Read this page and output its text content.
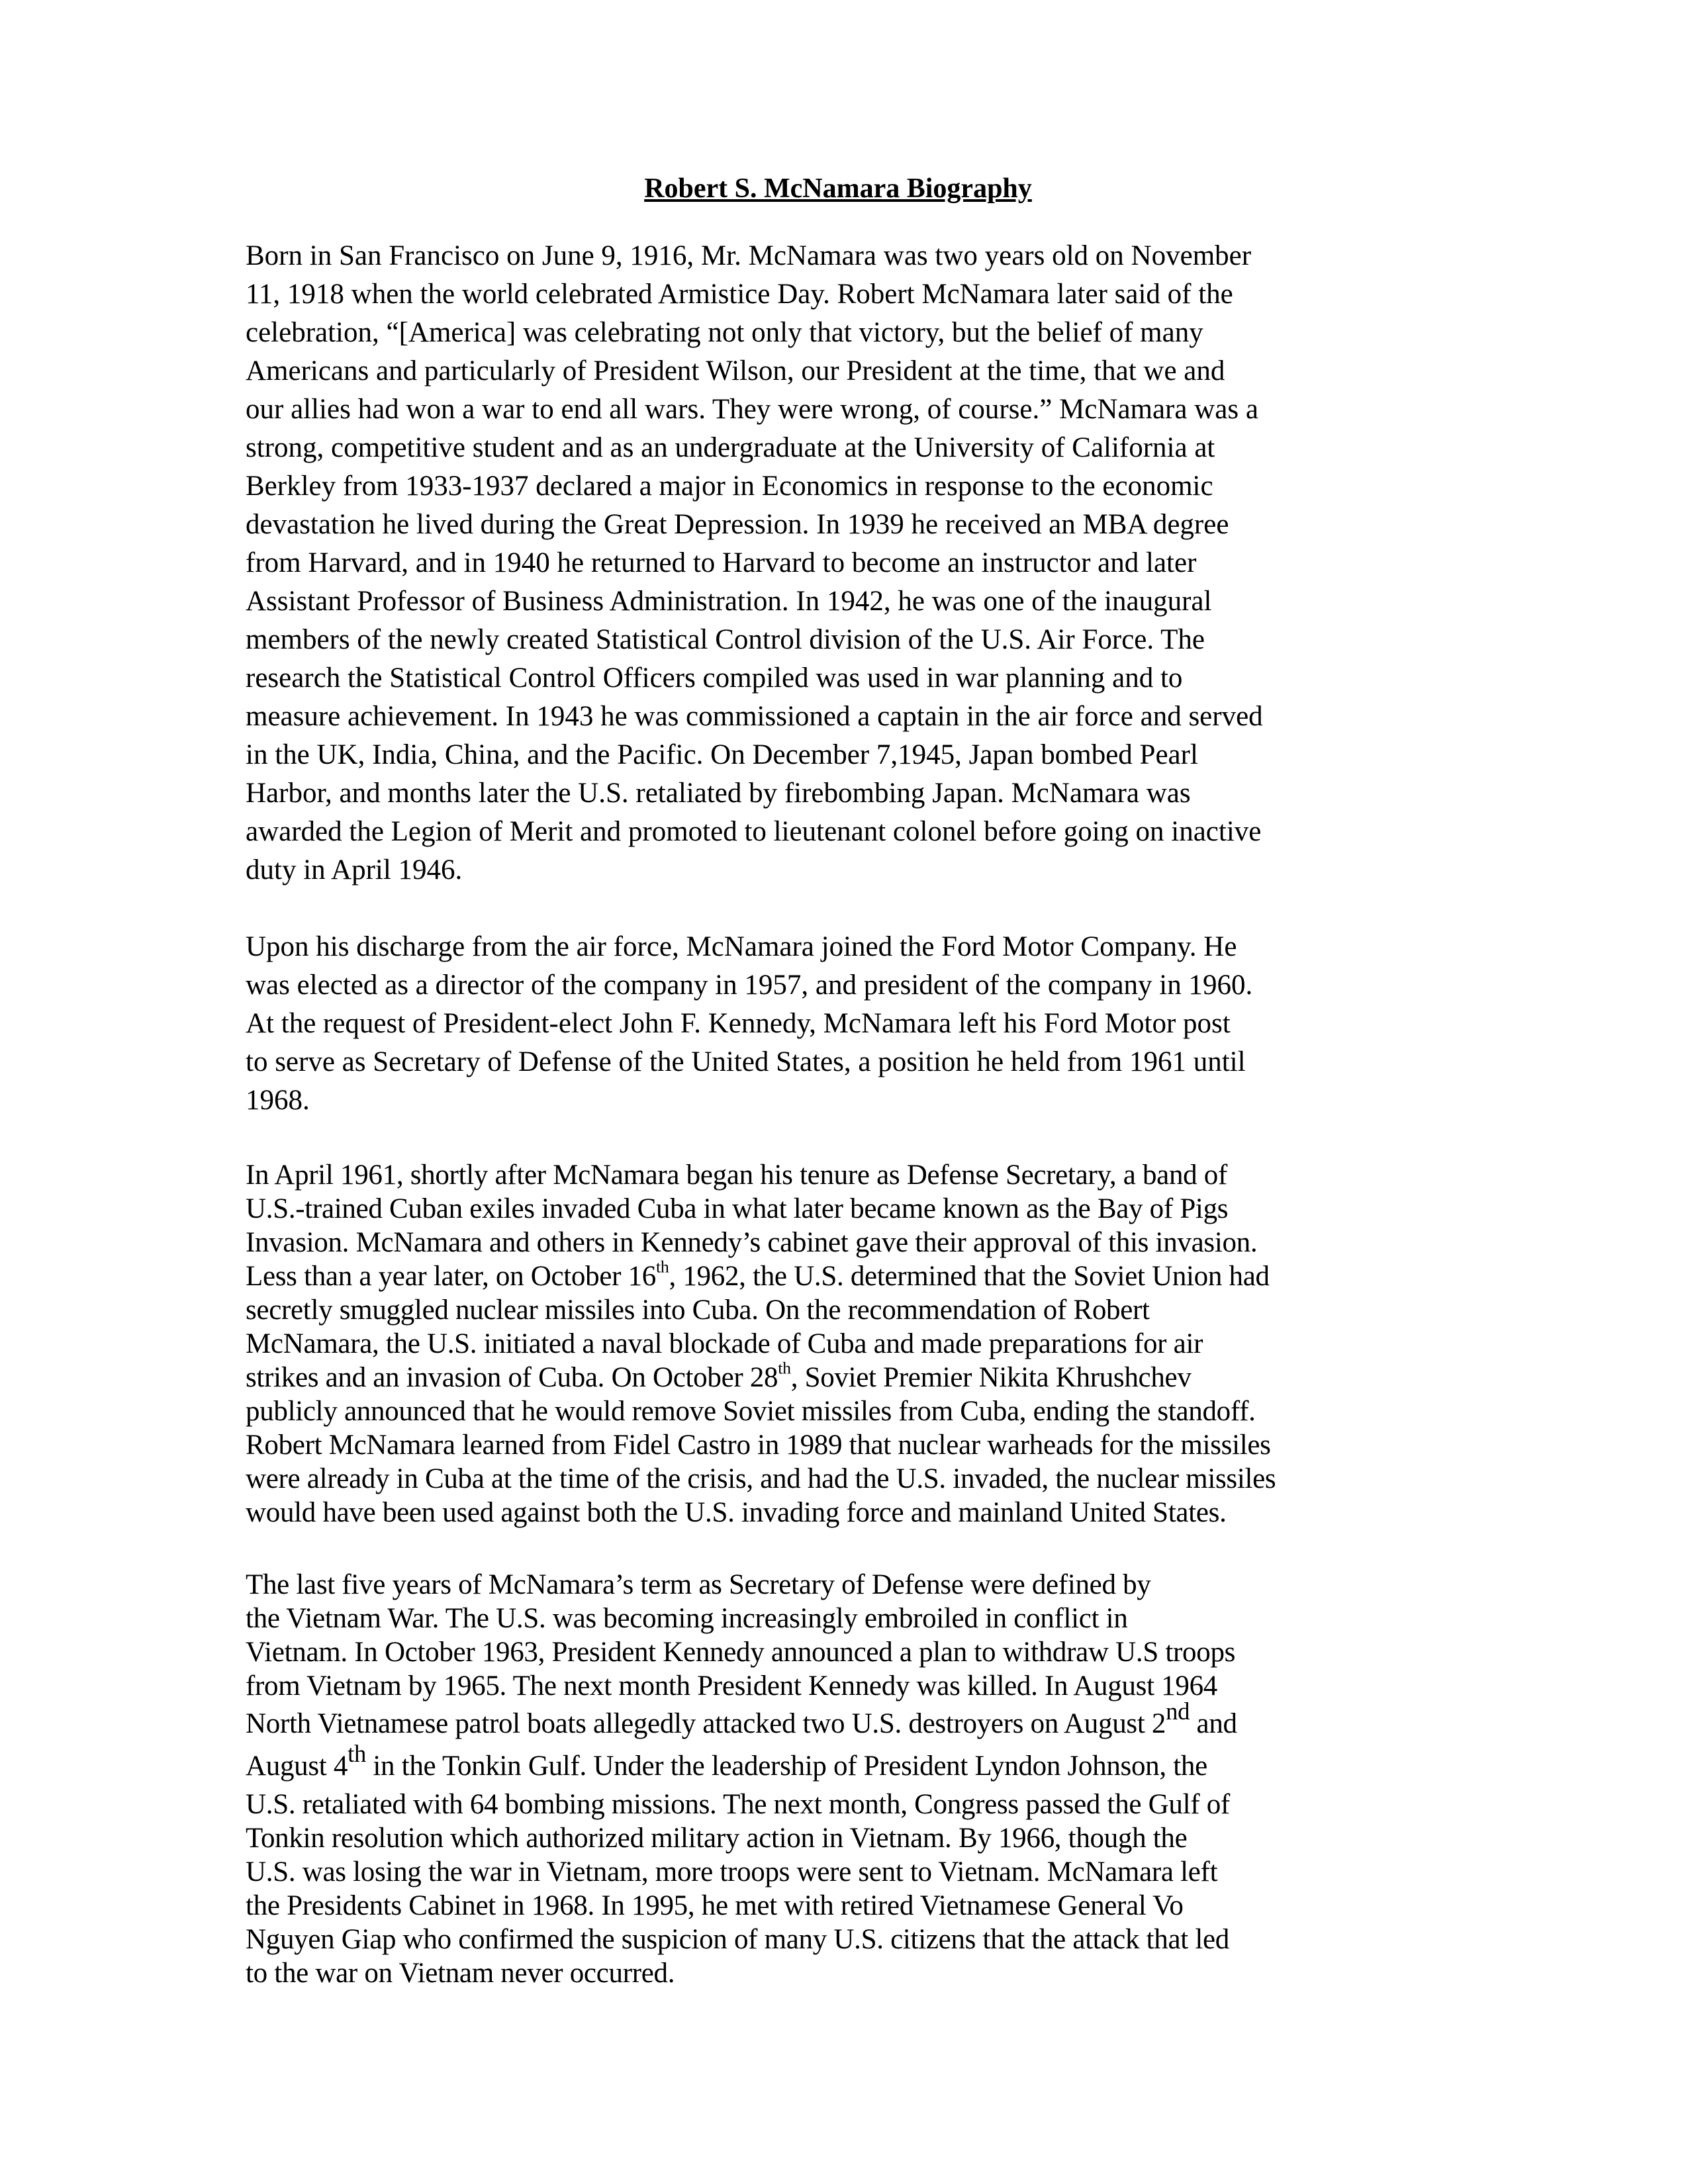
Robert S. McNamara Biography

Born in San Francisco on June 9, 1916, Mr. McNamara was two years old on November
11, 1918 when the world celebrated Armistice Day. Robert McNamara later said of the
celebration, “[America] was celebrating not only that victory, but the belief of many
Americans and particularly of President Wilson, our President at the time, that we and
our allies had won a war to end all wars. They were wrong, of course.” McNamara was a
strong, competitive student and as an undergraduate at the University of California at
Berkley from 1933-1937 declared a major in Economics in response to the economic
devastation he lived during the Great Depression. In 1939 he received an MBA degree
from Harvard, and in 1940 he returned to Harvard to become an instructor and later
Assistant Professor of Business Administration. In 1942, he was one of the inaugural
members of the newly created Statistical Control division of the U.S. Air Force. The
research the Statistical Control Officers compiled was used in war planning and to
measure achievement. In 1943 he was commissioned a captain in the air force and served
in the UK, India, China, and the Pacific. On December 7,1945, Japan bombed Pearl
Harbor, and months later the U.S. retaliated by firebombing Japan. McNamara was
awarded the Legion of Merit and promoted to lieutenant colonel before going on inactive
duty in April 1946.

Upon his discharge from the air force, McNamara joined the Ford Motor Company. He
was elected as a director of the company in 1957, and president of the company in 1960.
At the request of President-elect John F. Kennedy, McNamara left his Ford Motor post
to serve as Secretary of Defense of the United States, a position he held from 1961 until
1968.

In April 1961, shortly after McNamara began his tenure as Defense Secretary, a band of
U.S.-trained Cuban exiles invaded Cuba in what later became known as the Bay of Pigs
Invasion. McNamara and others in Kennedy’s cabinet gave their approval of this invasion.
Less than a year later, on October 16th, 1962, the U.S. determined that the Soviet Union had
secretly smuggled nuclear missiles into Cuba. On the recommendation of Robert
McNamara, the U.S. initiated a naval blockade of Cuba and made preparations for air
strikes and an invasion of Cuba. On October 28th, Soviet Premier Nikita Khrushchev
publicly announced that he would remove Soviet missiles from Cuba, ending the standoff.
Robert McNamara learned from Fidel Castro in 1989 that nuclear warheads for the missiles
were already in Cuba at the time of the crisis, and had the U.S. invaded, the nuclear missiles
would have been used against both the U.S. invading force and mainland United States.

The last five years of McNamara’s term as Secretary of Defense were defined by
the Vietnam War. The U.S. was becoming increasingly embroiled in conflict in
Vietnam. In October 1963, President Kennedy announced a plan to withdraw U.S troops
from Vietnam by 1965. The next month President Kennedy was killed. In August 1964
North Vietnamese patrol boats allegedly attacked two U.S. destroyers on August 2nd and
August 4th in the Tonkin Gulf. Under the leadership of President Lyndon Johnson, the
U.S. retaliated with 64 bombing missions. The next month, Congress passed the Gulf of
Tonkin resolution which authorized military action in Vietnam. By 1966, though the
U.S. was losing the war in Vietnam, more troops were sent to Vietnam. McNamara left
the Presidents Cabinet in 1968. In 1995, he met with retired Vietnamese General Vo
Nguyen Giap who confirmed the suspicion of many U.S. citizens that the attack that led
to the war on Vietnam never occurred.
